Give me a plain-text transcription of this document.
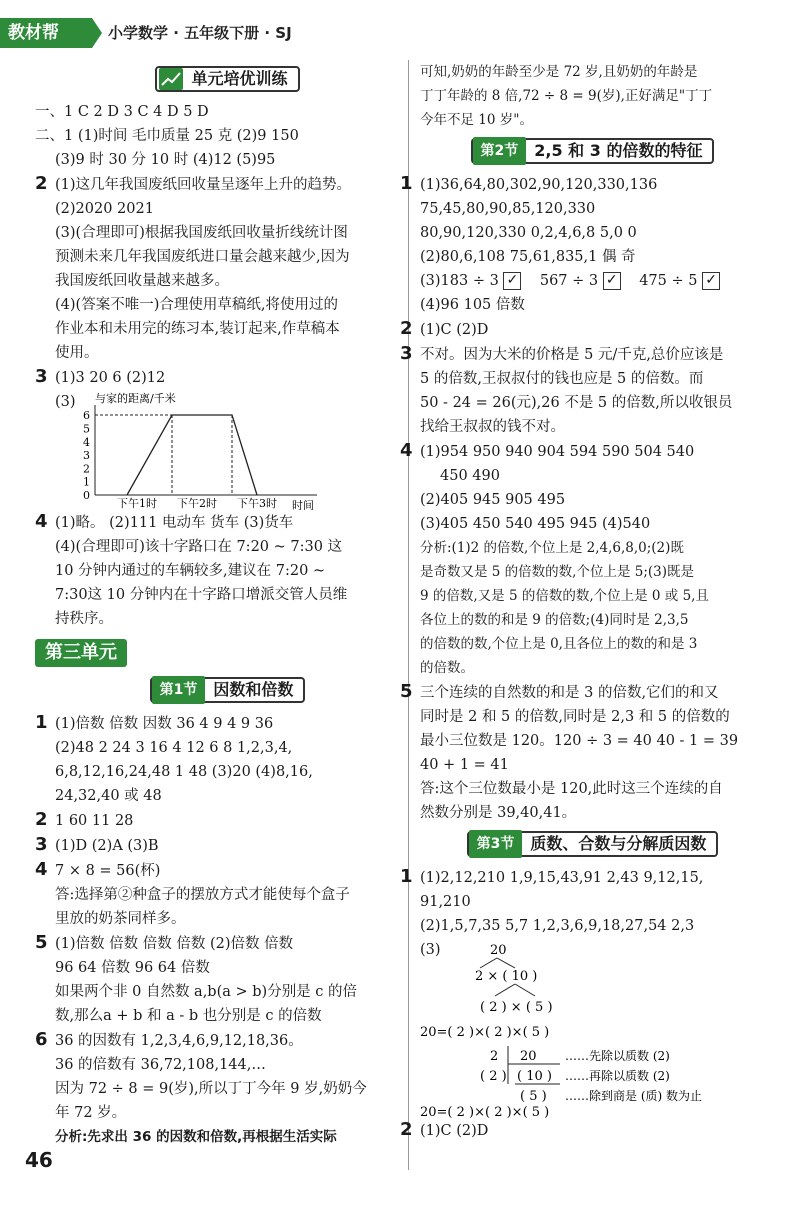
教材帮	小学数学 · 五年级下册 · SJ
单元培优训练
一、1 C 2 D 3 C 4 D 5 D
二、1 (1)时间 毛巾质量 25 克 (2)9 150
(3)9 时 30 分 10 时 (4)12 (5)95
2 (1)这几年我国废纸回收量呈逐年上升的趋势。
(2)2020 2021
(3)(合理即可)根据我国废纸回收量折线统计图
预测未来几年我国废纸进口量会越来越少,因为
我国废纸回收量越来越多。
(4)(答案不唯一)合理使用草稿纸,将使用过的
作业本和未用完的练习本,装订起来,作草稿本
使用。
3 (1)3 20 6 (2)12
(3) 与家的距离/千米
0
1
2
3
4
5
6
下午1时 下午2时 下午3时 时间
4 (1)略。 (2)111 电动车 货车 (3)货车
(4)(合理即可)该十字路口在 7:20 ~ 7:30 这
10 分钟内通过的车辆较多,建议在 7:20 ~
7:30这 10 分钟内在十字路口增派交管人员维
持秩序。
第三单元
第1节	因数和倍数
1 (1)倍数 倍数 因数 36 4 9 4 9 36
(2)48 2 24 3 16 4 12 6 8 1,2,3,4,
6,8,12,16,24,48 1 48 (3)20 (4)8,16,
24,32,40 或 48
2 1 60 11 28
3 (1)D (2)A (3)B
4 7 × 8 = 56(杯)
答:选择第②种盒子的摆放方式才能使每个盒子
里放的奶茶同样多。
5 (1)倍数 倍数 倍数 倍数 (2)倍数 倍数
96 64 倍数 96 64 倍数
如果两个非 0 自然数 a,b(a > b)分别是 c 的倍
数,那么a + b 和 a - b 也分别是 c 的倍数
6 36 的因数有 1,2,3,4,6,9,12,18,36。
36 的倍数有 36,72,108,144,…
因为 72 ÷ 8 = 9(岁),所以丁丁今年 9 岁,奶奶今
年 72 岁。
分析:先求出 36 的因数和倍数,再根据生活实际
可知,奶奶的年龄至少是 72 岁,且奶奶的年龄是
丁丁年龄的 8 倍,72 ÷ 8 = 9(岁),正好满足"丁丁
今年不足 10 岁"。
第2节	2,5 和 3 的倍数的特征
1 (1)36,64,80,302,90,120,330,136
75,45,80,90,85,120,330
80,90,120,330 0,2,4,6,8 5,0 0
(2)80,6,108 75,61,835,1 偶 奇
(3)183 ÷ 3 ✓ 567 ÷ 3 ✓ 475 ÷ 5 ✓
(4)96 105 倍数
2 (1)C (2)D
3 不对。因为大米的价格是 5 元/千克,总价应该是
5 的倍数,王叔叔付的钱也应是 5 的倍数。而
50 - 24 = 26(元),26 不是 5 的倍数,所以收银员
找给王叔叔的钱不对。
4 (1)954 950 940 904 594 590 504 540
450 490
(2)405 945 905 495
(3)405 450 540 495 945 (4)540
分析:(1)2 的倍数,个位上是 2,4,6,8,0;(2)既
是奇数又是 5 的倍数的数,个位上是 5;(3)既是
9 的倍数,又是 5 的倍数的数,个位上是 0 或 5,且
各位上的数的和是 9 的倍数;(4)同时是 2,3,5
的倍数的数,个位上是 0,且各位上的数的和是 3
的倍数。
5 三个连续的自然数的和是 3 的倍数,它们的和又
同时是 2 和 5 的倍数,同时是 2,3 和 5 的倍数的
最小三位数是 120。120 ÷ 3 = 40 40 - 1 = 39
40 + 1 = 41
答:这个三位数最小是 120,此时这三个连续的自
然数分别是 39,40,41。
第3节	质数、合数与分解质因数
1 (1)2,12,210 1,9,15,43,91 2,43 9,12,15,
91,210
(2)1,5,7,35 5,7 1,2,3,6,9,18,27,54 2,3
(3)	20
2 × ( 10 )
( 2 ) × ( 5 )
20=( 2 )×( 2 )×( 5 )
2 20 ……先除以质数 (2)
( 2 ) ( 10 ) ……再除以质数 (2)
( 5 ) ……除到商是 (质) 数为止
20=( 2 )×( 2 )×( 5 )
2 (1)C (2)D
46
